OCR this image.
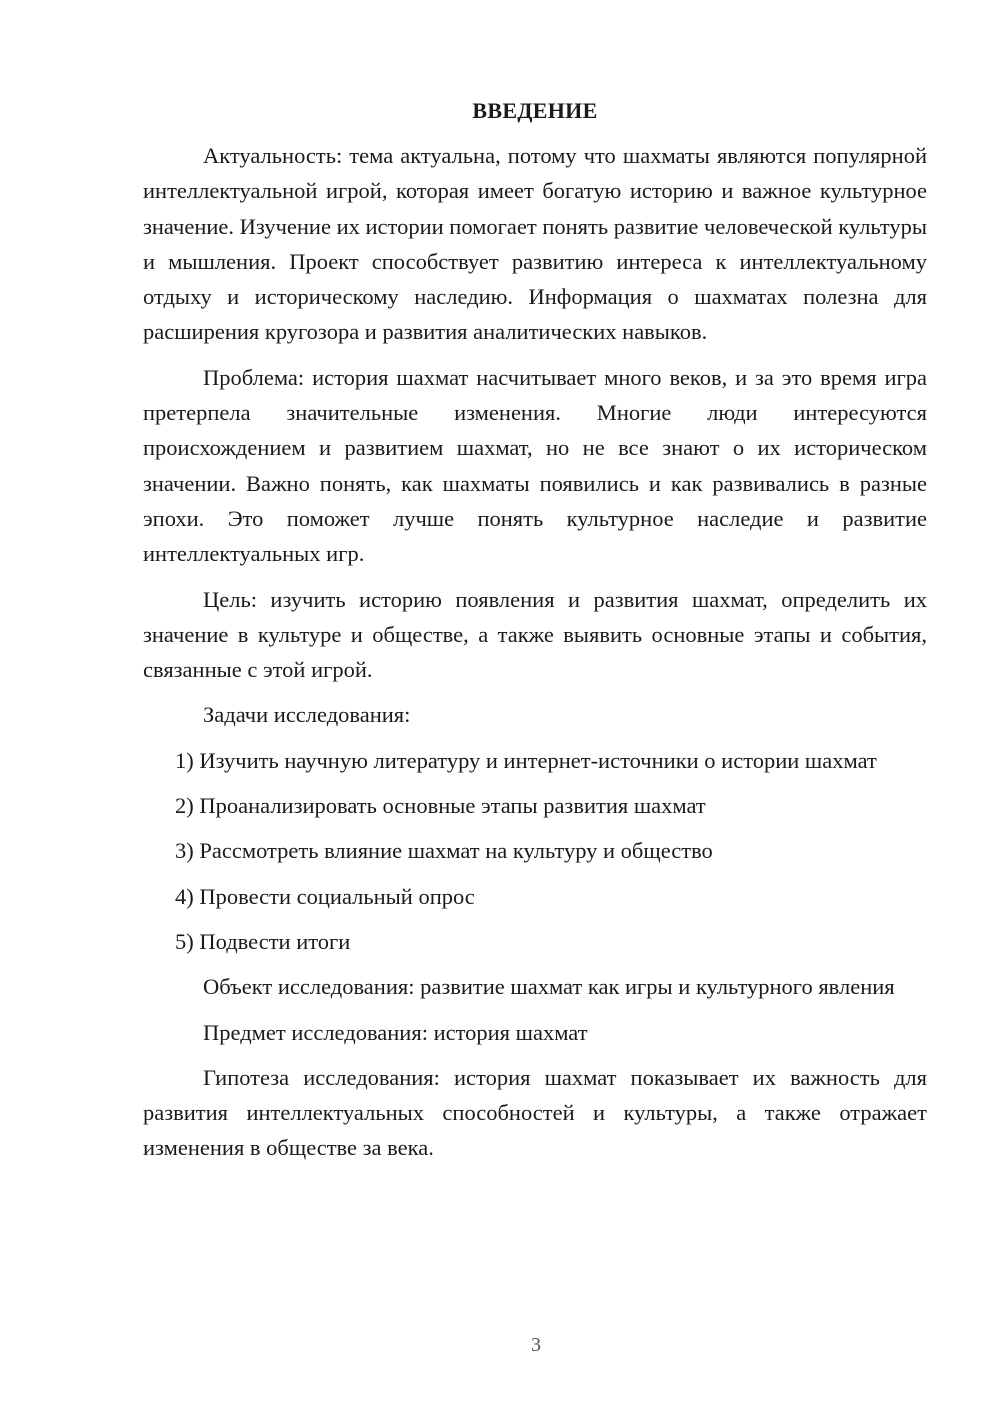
ВВЕДЕНИЕ

Актуальность: тема актуальна, потому что шахматы являются популярной интеллектуальной игрой, которая имеет богатую историю и важное культурное значение. Изучение их истории помогает понять развитие человеческой культуры и мышления. Проект способствует развитию интереса к интеллектуальному отдыху и историческому наследию. Информация о шахматах полезна для расширения кругозора и развития аналитических навыков.

Проблема: история шахмат насчитывает много веков, и за это время игра претерпела значительные изменения. Многие люди интересуются происхождением и развитием шахмат, но не все знают о их историческом значении. Важно понять, как шахматы появились и как развивались в разные эпохи. Это поможет лучше понять культурное наследие и развитие интеллектуальных игр.

Цель: изучить историю появления и развития шахмат, определить их значение в культуре и обществе, а также выявить основные этапы и события, связанные с этой игрой.

Задачи исследования:

1) Изучить научную литературу и интернет-источники о истории шахмат

2) Проанализировать основные этапы развития шахмат

3) Рассмотреть влияние шахмат на культуру и общество

4) Провести социальный опрос

5) Подвести итоги

Объект исследования: развитие шахмат как игры и культурного явления

Предмет исследования: история шахмат

Гипотеза исследования: история шахмат показывает их важность для развития интеллектуальных способностей и культуры, а также отражает изменения в обществе за века.

3
